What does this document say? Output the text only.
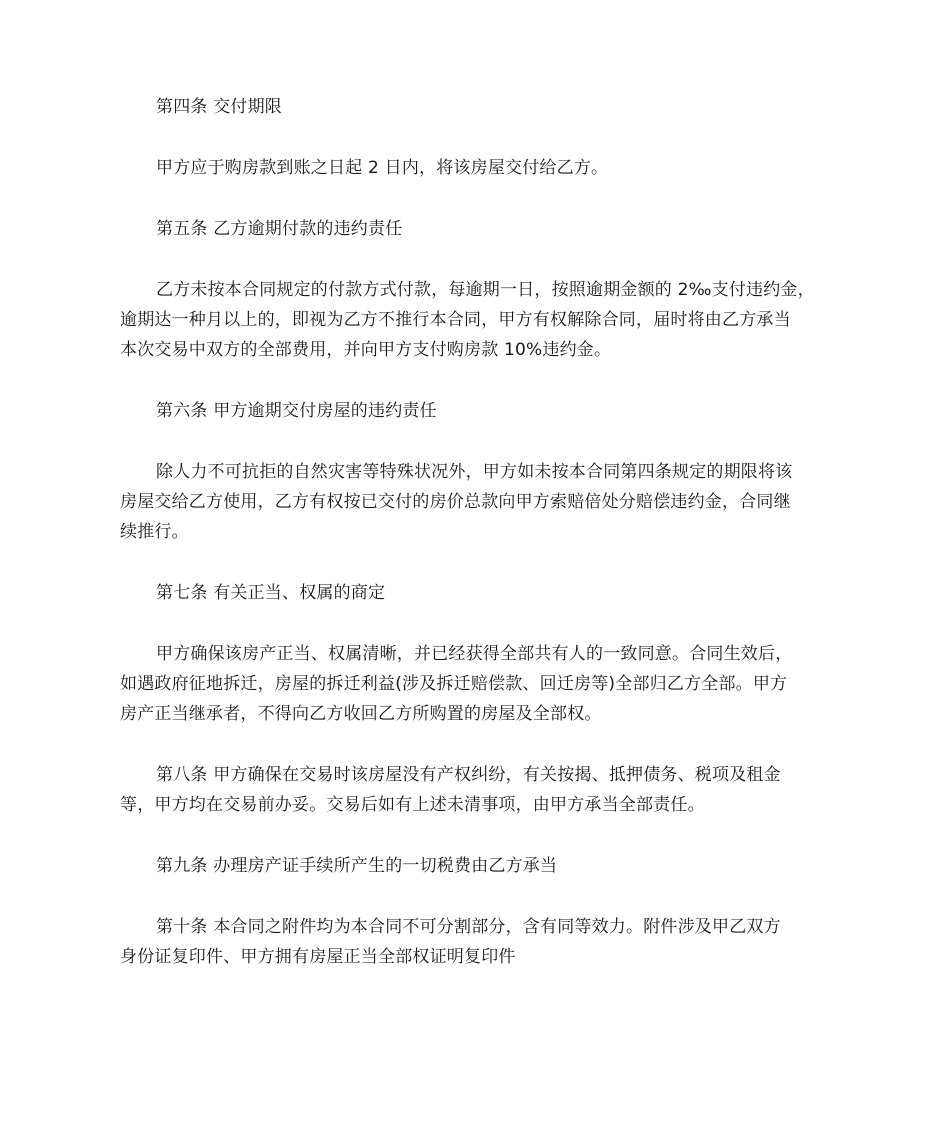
第四条 交付期限

甲方应于购房款到账之日起 2 日内，将该房屋交付给乙方。

第五条 乙方逾期付款的违约责任

乙方未按本合同规定的付款方式付款，每逾期一日，按照逾期金额的 2‰支付违约金，
逾期达一种月以上的，即视为乙方不推行本合同，甲方有权解除合同，届时将由乙方承当
本次交易中双方的全部费用，并向甲方支付购房款 10%违约金。

第六条 甲方逾期交付房屋的违约责任

除人力不可抗拒的自然灾害等特殊状况外，甲方如未按本合同第四条规定的期限将该
房屋交给乙方使用，乙方有权按已交付的房价总款向甲方索赔倍处分赔偿违约金，合同继
续推行。

第七条 有关正当、权属的商定

甲方确保该房产正当、权属清晰，并已经获得全部共有人的一致同意。合同生效后，
如遇政府征地拆迁，房屋的拆迁利益(涉及拆迁赔偿款、回迁房等)全部归乙方全部。甲方
房产正当继承者，不得向乙方收回乙方所购置的房屋及全部权。

第八条 甲方确保在交易时该房屋没有产权纠纷，有关按揭、抵押债务、税项及租金
等，甲方均在交易前办妥。交易后如有上述未清事项，由甲方承当全部责任。

第九条 办理房产证手续所产生的一切税费由乙方承当

第十条 本合同之附件均为本合同不可分割部分，含有同等效力。附件涉及甲乙双方
身份证复印件、甲方拥有房屋正当全部权证明复印件
